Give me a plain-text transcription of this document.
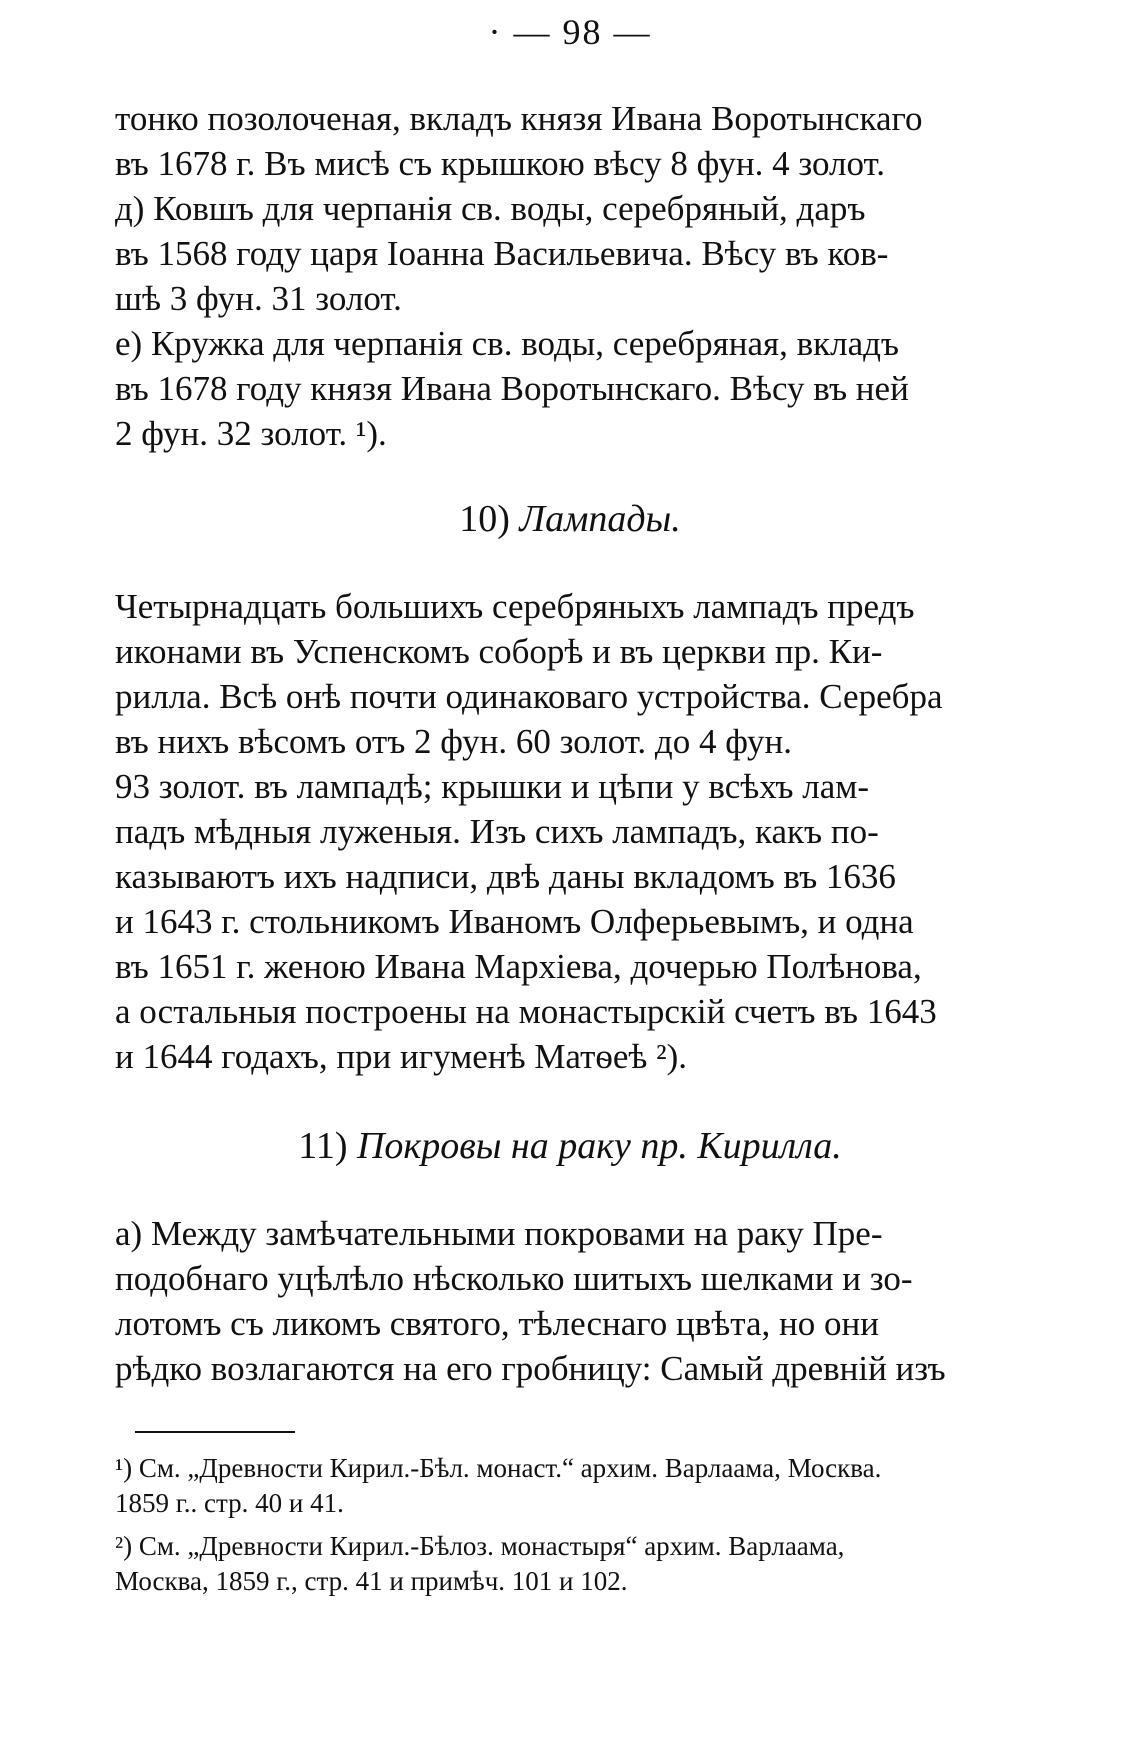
· — 98 —
тонко позолоченая, вкладъ князя Ивана Воротынскаго
въ 1678 г. Въ мисѣ съ крышкою вѣсу 8 фун. 4 золот.
д) Ковшъ для черпанія св. воды, серебряный, даръ
въ 1568 году царя Іоанна Васильевича. Вѣсу въ ков-
шѣ 3 фун. 31 золот.
е) Кружка для черпанія св. воды, серебряная, вкладъ
въ 1678 году князя Ивана Воротынскаго. Вѣсу въ ней
2 фун. 32 золот. ¹).
10) Лампады.
Четырнадцать большихъ серебряныхъ лампадъ предъ
иконами въ Успенскомъ соборѣ и въ церкви пр. Ки-
рилла. Всѣ онѣ почти одинаковаго устройства. Серебра
въ нихъ вѣсомъ отъ 2 фун. 60 золот. до 4 фун.
93 золот. въ лампадѣ; крышки и цѣпи у всѣхъ лам-
падъ мѣдныя луженыя. Изъ сихъ лампадъ, какъ по-
казываютъ ихъ надписи, двѣ даны вкладомъ въ 1636
и 1643 г. стольникомъ Иваномъ Олферьевымъ, и одна
въ 1651 г. женою Ивана Мархіева, дочерью Полѣнова,
а остальныя построены на монастырскій счетъ въ 1643
и 1644 годахъ, при игуменѣ Матѳеѣ ²).
11) Покровы на раку пр. Кирилла.
а) Между замѣчательными покровами на раку Пре-
подобнаго уцѣлѣло нѣсколько шитыхъ шелками и зо-
лотомъ съ ликомъ святого, тѣлеснаго цвѣта, но они
рѣдко возлагаются на его гробницу: Самый древній изъ
¹) См. „Древности Кирил.-Бѣл. монаст.“ архим. Варлаама, Москва.
1859 г.. стр. 40 и 41.
²) См. „Древности Кирил.-Бѣлоз. монастыря“ архим. Варлаама,
Москва, 1859 г., стр. 41 и примѣч. 101 и 102.
